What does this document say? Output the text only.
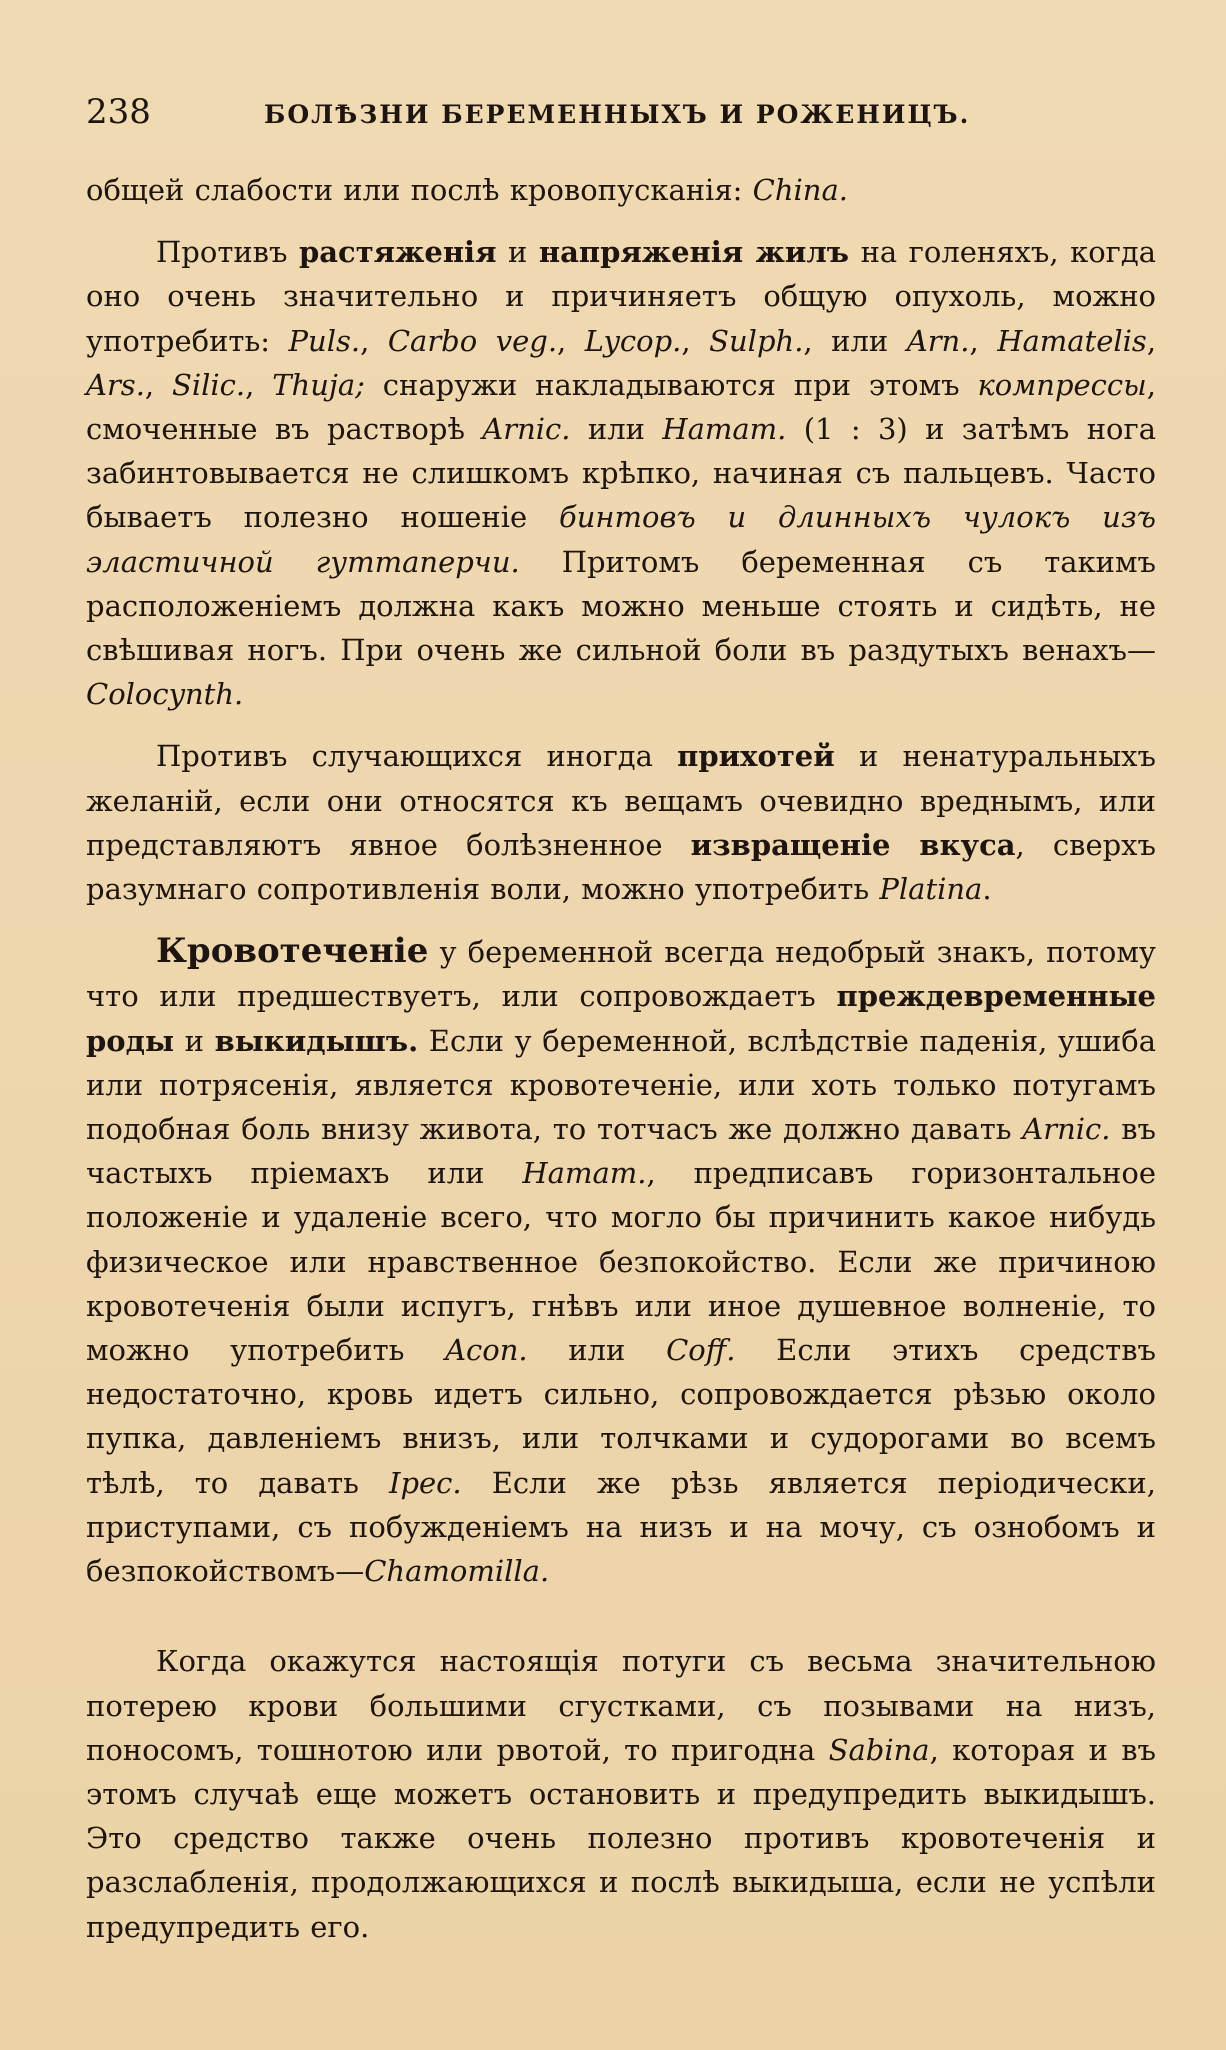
238	БОЛѢЗНИ БЕРЕМЕННЫХЪ И РОЖЕНИЦЪ.

общей слабости или послѣ кровопусканія: China.

Противъ растяженія и напряженія жилъ на голеняхъ, когда оно очень значительно и причиняетъ общую опухоль, можно употребить: Puls., Carbo veg., Lycop., Sulph., или Arn., Hamatelis, Ars., Silic., Thuja; снаружи накладываются при этомъ компрессы, смоченные въ растворѣ Arnic. или Hamam. (1 : 3) и затѣмъ нога забинтовывается не слишкомъ крѣпко, начиная съ пальцевъ. Часто бываетъ полезно ношеніе бинтовъ и длинныхъ чулокъ изъ эластичной гуттаперчи. Притомъ беременная съ такимъ расположеніемъ должна какъ можно меньше стоять и сидѣть, не свѣшивая ногъ. При очень же сильной боли въ раздутыхъ венахъ—Colocynth.

Противъ случающихся иногда прихотей и ненатуральныхъ желаній, если они относятся къ вещамъ очевидно вреднымъ, или представляютъ явное болѣзненное извращеніе вкуса, сверхъ разумнаго сопротивленія воли, можно употребить Platina.

Кровотеченіе у беременной всегда недобрый знакъ, потому что или предшествуетъ, или сопровождаетъ преждевременные роды и выкидышъ. Если у беременной, вслѣдствіе паденія, ушиба или потрясенія, является кровотеченіе, или хоть только потугамъ подобная боль внизу живота, то тотчасъ же должно давать Arnic. въ частыхъ пріемахъ или Hamam., предписавъ горизонтальное положеніе и удаленіе всего, что могло бы причинить какое нибудь физическое или нравственное безпокойство. Если же причиною кровотеченія были испугъ, гнѣвъ или иное душевное волненіе, то можно употребить Acon. или Coff. Если этихъ средствъ недостаточно, кровь идетъ сильно, сопровождается рѣзью около пупка, давленіемъ внизъ, или толчками и судорогами во всемъ тѣлѣ, то давать Ipec. Если же рѣзь является періодически, приступами, съ побужденіемъ на низъ и на мочу, съ ознобомъ и безпокойствомъ—Chamomilla.

Когда окажутся настоящія потуги съ весьма значительною потерею крови большими сгустками, съ позывами на низъ, поносомъ, тошнотою или рвотой, то пригодна Sabina, которая и въ этомъ случаѣ еще можетъ остановить и предупредить выкидышъ. Это средство также очень полезно противъ кровотеченія и разслабленія, продолжающихся и послѣ выкидыша, если не успѣли предупредить его.
